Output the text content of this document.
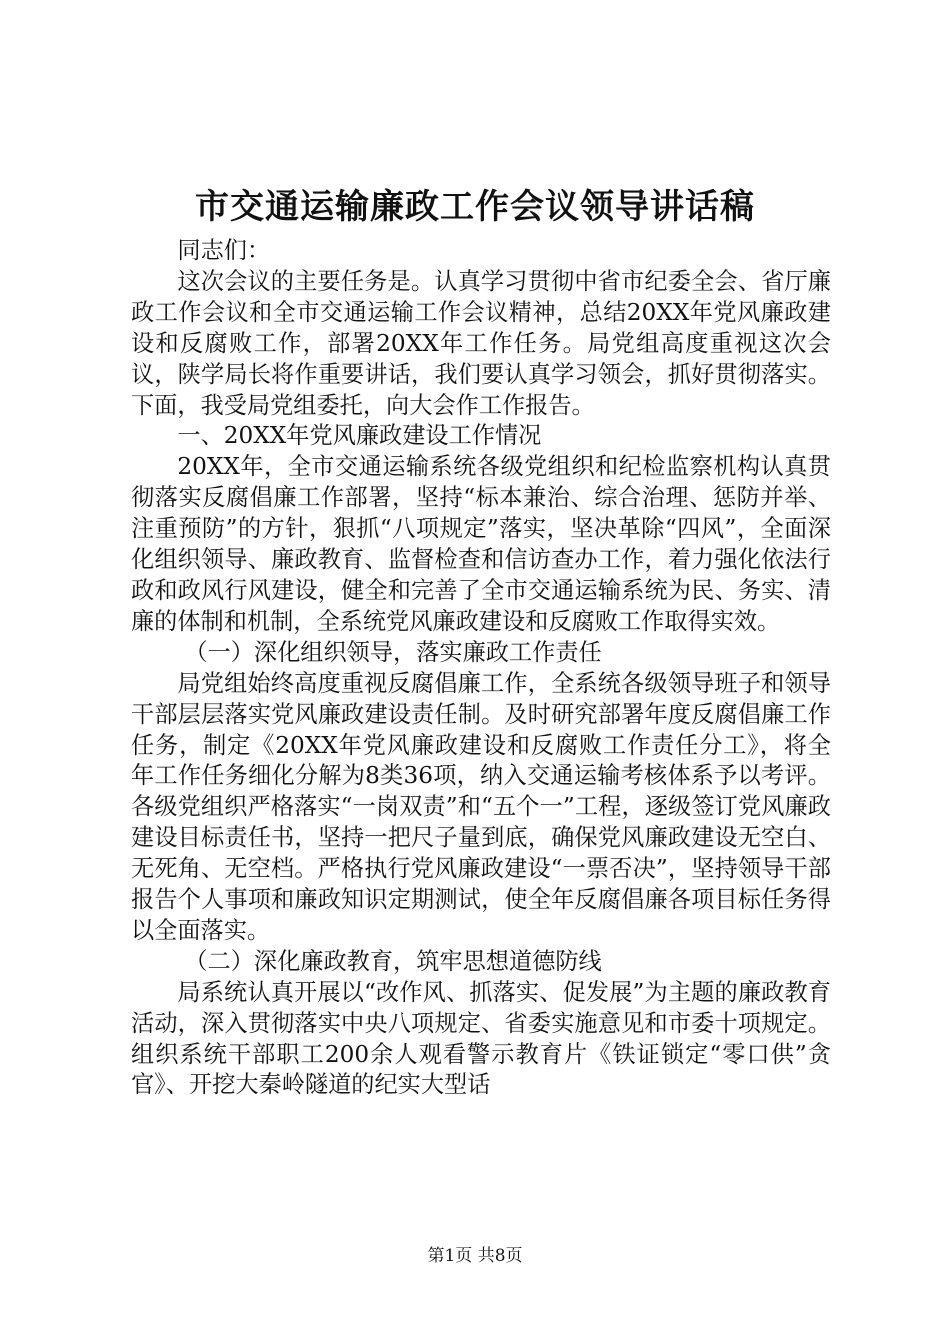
市交通运输廉政工作会议领导讲话稿

同志们：

这次会议的主要任务是。认真学习贯彻中省市纪委全会、省厅廉政工作会议和全市交通运输工作会议精神，总结20XX年党风廉政建设和反腐败工作，部署20XX年工作任务。局党组高度重视这次会议，陕学局长将作重要讲话，我们要认真学习领会，抓好贯彻落实。下面，我受局党组委托，向大会作工作报告。

一、20XX年党风廉政建设工作情况

20XX年，全市交通运输系统各级党组织和纪检监察机构认真贯彻落实反腐倡廉工作部署，坚持“标本兼治、综合治理、惩防并举、注重预防”的方针，狠抓“八项规定”落实，坚决革除“四风”，全面深化组织领导、廉政教育、监督检查和信访查办工作，着力强化依法行政和政风行风建设，健全和完善了全市交通运输系统为民、务实、清廉的体制和机制，全系统党风廉政建设和反腐败工作取得实效。

（一）深化组织领导，落实廉政工作责任

局党组始终高度重视反腐倡廉工作，全系统各级领导班子和领导干部层层落实党风廉政建设责任制。及时研究部署年度反腐倡廉工作任务，制定《20XX年党风廉政建设和反腐败工作责任分工》，将全年工作任务细化分解为8类36项，纳入交通运输考核体系予以考评。各级党组织严格落实“一岗双责”和“五个一”工程，逐级签订党风廉政建设目标责任书，坚持一把尺子量到底，确保党风廉政建设无空白、无死角、无空档。严格执行党风廉政建设“一票否决”，坚持领导干部报告个人事项和廉政知识定期测试，使全年反腐倡廉各项目标任务得以全面落实。

（二）深化廉政教育，筑牢思想道德防线

局系统认真开展以“改作风、抓落实、促发展”为主题的廉政教育活动，深入贯彻落实中央八项规定、省委实施意见和市委十项规定。组织系统干部职工200余人观看警示教育片《铁证锁定“零口供”贪官》、开挖大秦岭隧道的纪实大型话

第1页 共8页
